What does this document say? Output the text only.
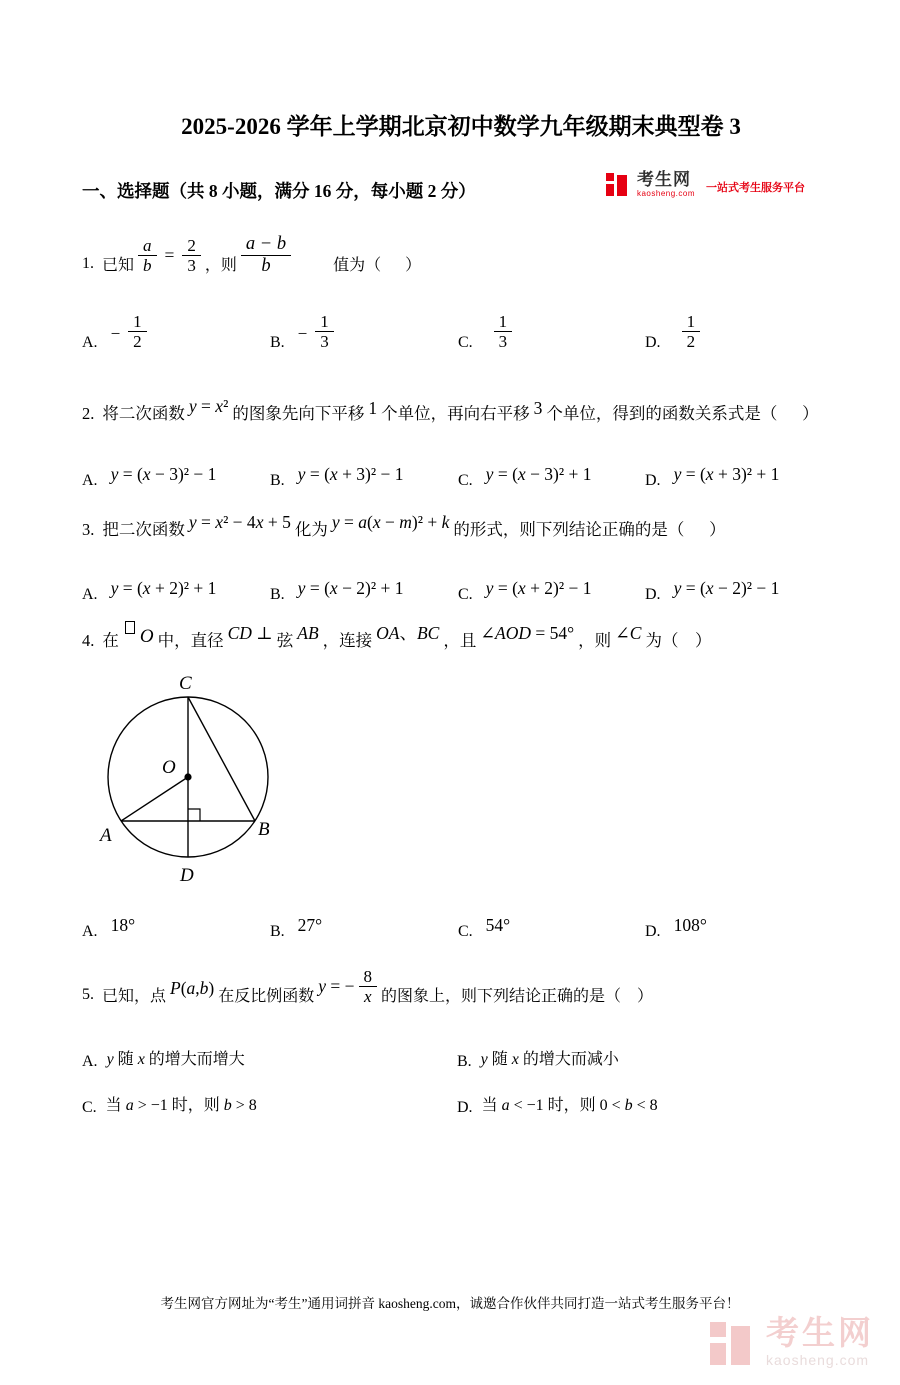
考生网
kaosheng.com 一站式考生服务平台
2025-2026 学年上学期北京初中数学九年级期末典型卷 3
一、选择题（共 8 小题，满分 16 分，每小题 2 分）
1. 已知 $\frac{a}{b} = \frac{2}{3}$ ，则 $\frac{a - b}{b}$	值为（      ）
A. − $\frac{1}{2}$	B. − $\frac{1}{3}$	C. $\frac{1}{3}$	D. $\frac{1}{2}$
2. 将二次函数 y = x² 的图象先向下平移 1 个单位，再向右平移 3 个单位，得到的函数关系式是（      ）
A. y = (x − 3)² − 1	B. y = (x + 3)² − 1	C. y = (x − 3)² + 1	D. y = (x + 3)² + 1
3. 把二次函数 y = x² − 4x + 5 化为 y = a(x − m)² + k 的形式，则下列结论正确的是（      ）
A. y = (x + 2)² + 1	B. y = (x − 2)² + 1	C. y = (x + 2)² − 1	D. y = (x − 2)² − 1
4. 在 O 中，直径 CD ⊥ 弦 AB ，连接 OA、BC ，且 ∠AOD = 54° ，则 ∠C 为（    ）
C
O
A	B
D
A. 18°	B. 27°	C. 54°	D. 108°
5. 已知，点 P(a,b) 在反比例函数
y = − $\frac{8}{x}$ 的图象上，则下列结论正确的是（    ）
A. y 随 x 的增大而增大	B. y 随 x 的增大而减小
C. 当 a > −1 时，则 b > 8	D. 当 a < −1 时，则 0 < b < 8
考生网官方网址为“考生”通用词拼音 kaosheng.com，诚邀合作伙伴共同打造一站式考生服务平台！
考生网
kaosheng.com
